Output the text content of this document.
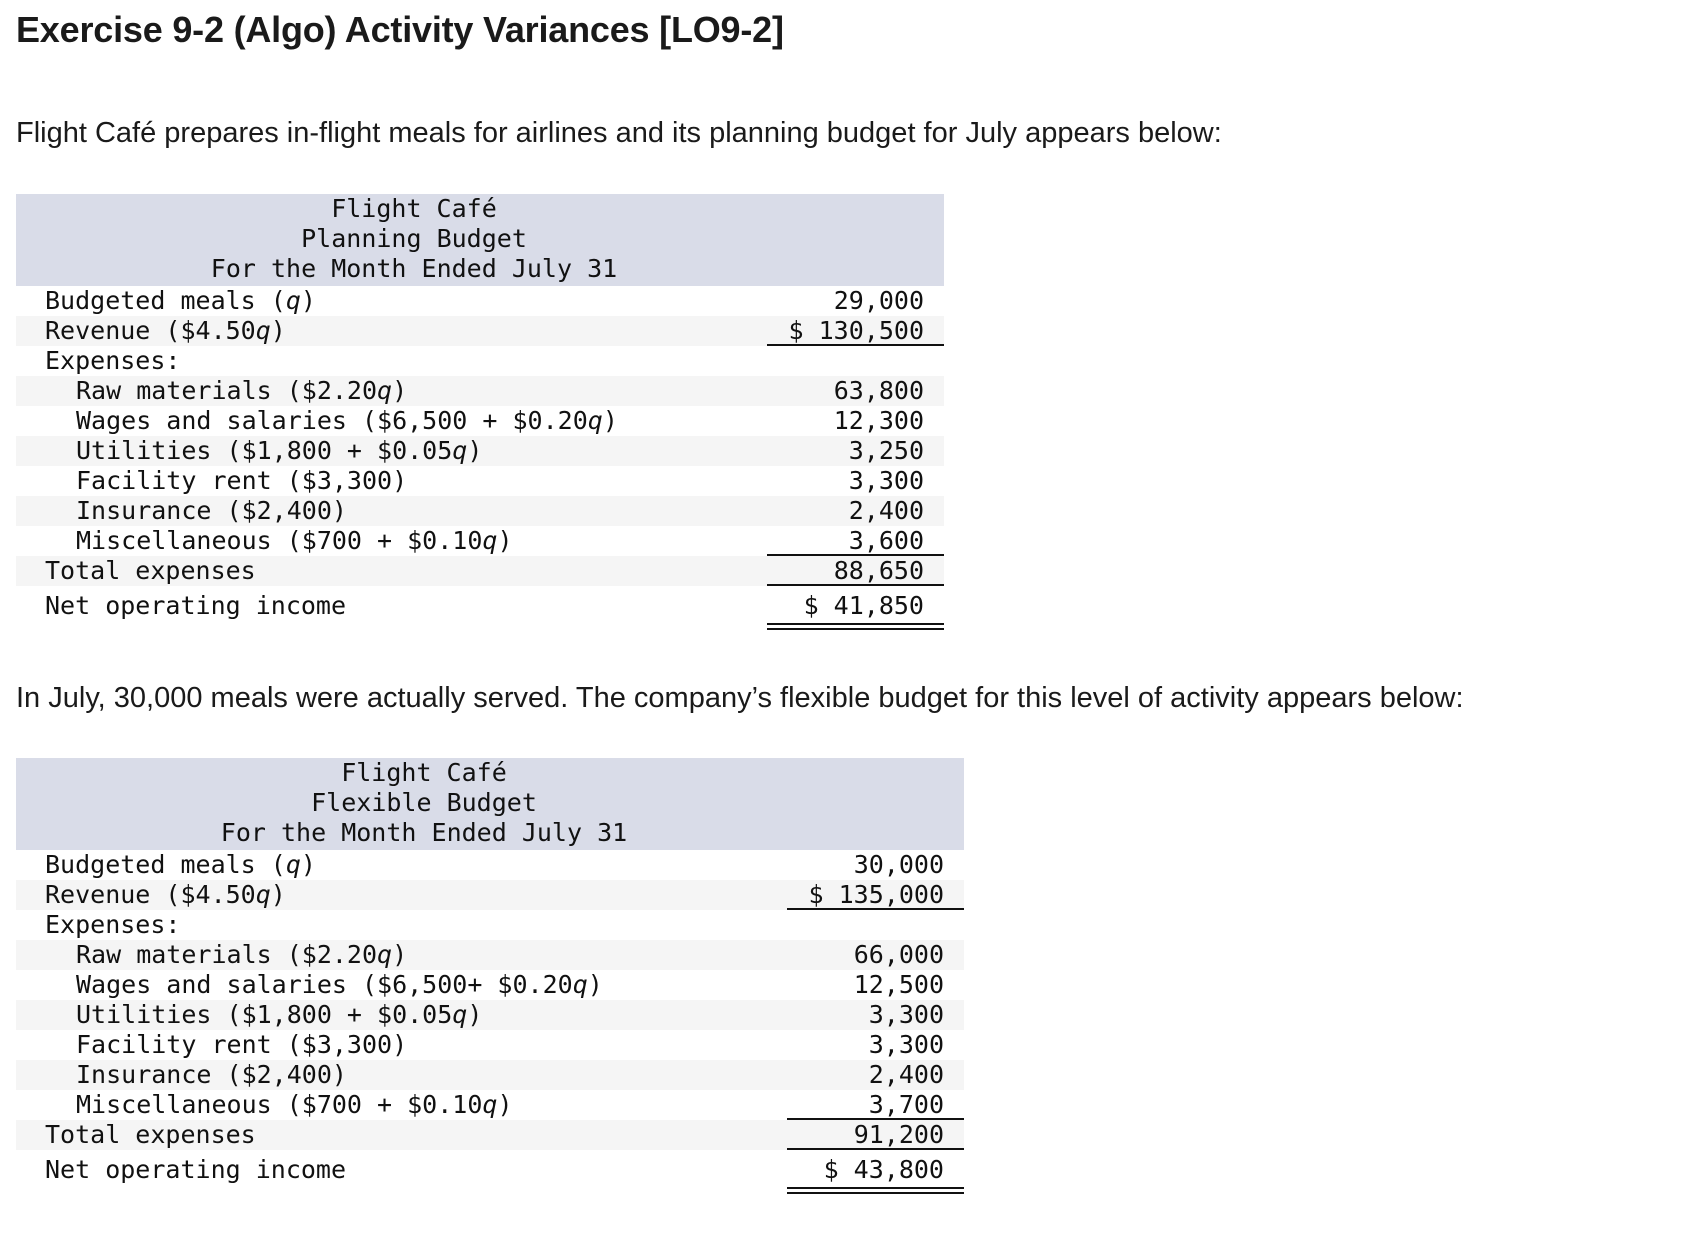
Exercise 9-2 (Algo) Activity Variances [LO9-2]

Flight Café prepares in-flight meals for airlines and its planning budget for July appears below:

Flight Café
Planning Budget
For the Month Ended July 31
Budgeted meals (q)	29,000
Revenue ($4.50q)	$ 130,500
Expenses:
Raw materials ($2.20q)	63,800
Wages and salaries ($6,500 + $0.20q)	12,300
Utilities ($1,800 + $0.05q)	3,250
Facility rent ($3,300)	3,300
Insurance ($2,400)	2,400
Miscellaneous ($700 + $0.10q)	3,600
Total expenses	88,650
Net operating income	$ 41,850

In July, 30,000 meals were actually served. The company’s flexible budget for this level of activity appears below:

Flight Café
Flexible Budget
For the Month Ended July 31
Budgeted meals (q)	30,000
Revenue ($4.50q)	$ 135,000
Expenses:
Raw materials ($2.20q)	66,000
Wages and salaries ($6,500+ $0.20q)	12,500
Utilities ($1,800 + $0.05q)	3,300
Facility rent ($3,300)	3,300
Insurance ($2,400)	2,400
Miscellaneous ($700 + $0.10q)	3,700
Total expenses	91,200
Net operating income	$ 43,800
